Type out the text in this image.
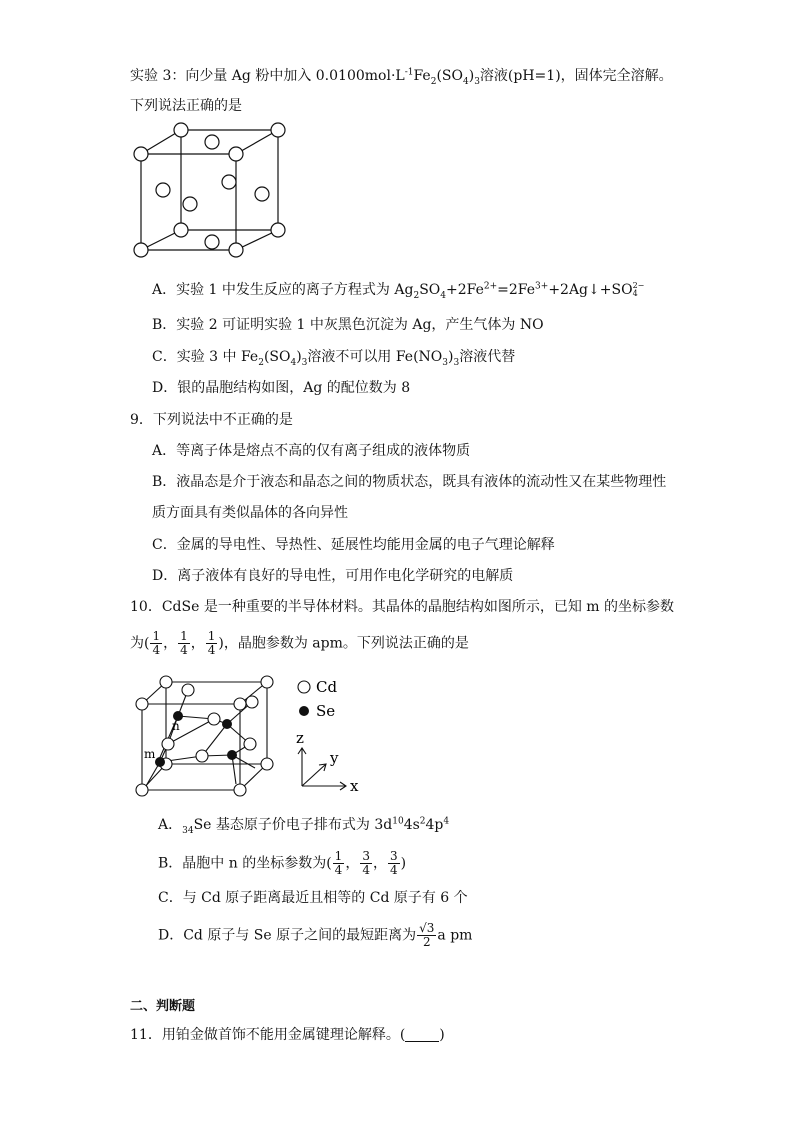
实验 3：向少量 Ag 粉中加入 $0.0100mol\cdot L^{-1}Fe_2(SO_4)_3$溶液(pH=1)，固体完全溶解。
下列说法正确的是
A．实验 1 中发生反应的离子方程式为 $Ag_2SO_4+2Fe^{2+}=2Fe^{3+}+2Ag↓+SO$ 2−
4
B．实验 2 可证明实验 1 中灰黑色沉淀为 Ag，产生气体为 NO
C．实验 3 中 $Fe_2(SO_4)_3$溶液不可以用 $Fe(NO_3)_3$溶液代替
D．银的晶胞结构如图，Ag 的配位数为 8
9．下列说法中不正确的是
A．等离子体是熔点不高的仅有离子组成的液体物质
B．液晶态是介于液态和晶态之间的物质状态，既具有液体的流动性又在某些物理性
质方面具有类似晶体的各向异性
C．金属的导电性、导热性、延展性均能用金属的电子气理论解释
D．离子液体有良好的导电性，可用作电化学研究的电解质
10．CdSe 是一种重要的半导体材料。其晶体的晶胞结构如图所示，已知 m 的坐标参数
为( $\frac{1}{4}$ ， $\frac{1}{4}$ ， $\frac{1}{4}$ )，晶胞参数为 apm。下列说法正确的是
n
m
Cd
Se
z
y
x
A．$_{34}$Se 基态原子价电子排布式为 $3d^{10}4s^24p^4$
B．晶胞中 n 的坐标参数为( $\frac{1}{4}$ ， $\frac{3}{4}$ ， $\frac{3}{4}$ )
C．与 Cd 原子距离最近且相等的 Cd 原子有 6 个
D．Cd 原子与 Se 原子之间的最短距离为 $\frac{√3}{2}$ a pm
二、判断题
11．用铂金做首饰不能用金属键理论解释。( )
